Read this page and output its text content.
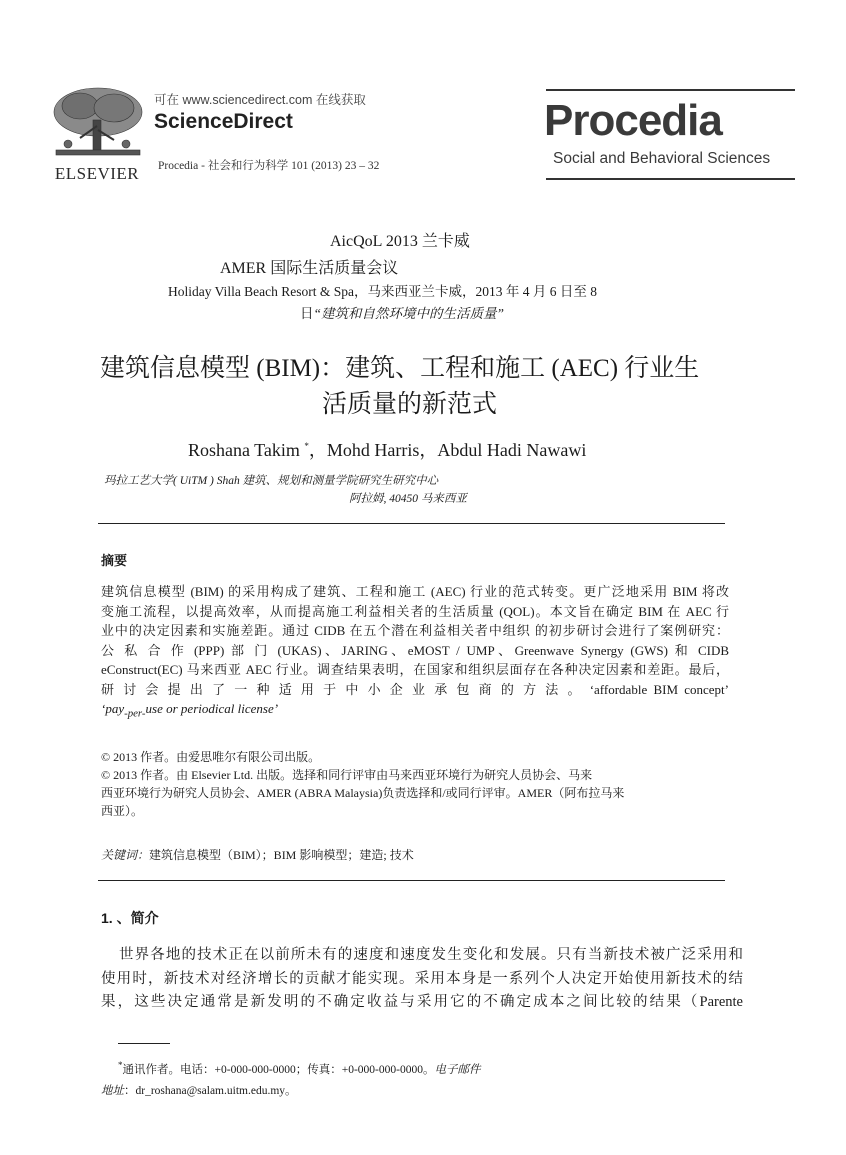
ELSEVIER
可在 www.sciencedirect.com 在线获取
ScienceDirect
Procedia - 社会和行为科学 101 (2013) 23 – 32
Procedia
Social and Behavioral Sciences
AicQoL 2013 兰卡威
AMER 国际生活质量会议
Holiday Villa Beach Resort & Spa，马来西亚兰卡威，2013 年 4 月 6 日至 8
日“建筑和自然环境中的生活质量”
建筑信息模型 (BIM)：建筑、工程和施工 (AEC) 行业生
活质量的新范式
Roshana Takim *，Mohd Harris，Abdul Hadi Nawawi
玛拉工艺大学( UiTM ) Shah 建筑、规划和测量学院研究生研究中心
阿拉姆, 40450 马来西亚
摘要

建筑信息模型 (BIM) 的采用构成了建筑、工程和施工 (AEC) 行业的范式转变。更广泛地采用 BIM 将改

变施工流程，以提高效率，从而提高施工利益相关者的生活质量 (QOL)。本文旨在确定 BIM 在 AEC 行

业中的决定因素和实施差距。通过 CIDB 在五个潜在利益相关者中组织 的初步研讨会进行了案例研究：

公 私 合 作 (PPP) 部 门 (UKAS)、JARING、eMOST / UMP、Greenwave Synergy (GWS) 和 CIDB

eConstruct(EC) 马来西亚 AEC 行业。调查结果表明，在国家和组织层面存在各种决定因素和差距。最后，

研 讨 会 提 出 了 一 种 适 用 于 中 小 企 业 承 包 商 的 方 法 。 ‘affordable BIM concept’

‘pay$_{-per-}$use or periodical license’

© 2013 作者。由爱思唯尔有限公司出版。

© 2013 作者。由 Elsevier Ltd. 出版。选择和同行评审由马来西亚环境行为研究人员协会、马来

西亚环境行为研究人员协会、AMER (ABRA Malaysia)负责选择和/或同行评审。AMER（阿布拉马来

西亚）。

关键词：建筑信息模型（BIM）；BIM 影响模型；建造; 技术
1. 、简介

世界各地的技术正在以前所未有的速度和速度发生变化和发展。只有当新技术被广泛采用和

使用时，新技术对经济增长的贡献才能实现。采用本身是一系列个人决定开始使用新技术的结

果，这些决定通常是新发明的不确定收益与采用它的不确定成本之间比较的结果（Parente

*通讯作者。电话：+0-000-000-0000；传真：+0-000-000-0000。电子邮件
地址：dr_roshana@salam.uitm.edu.my。
